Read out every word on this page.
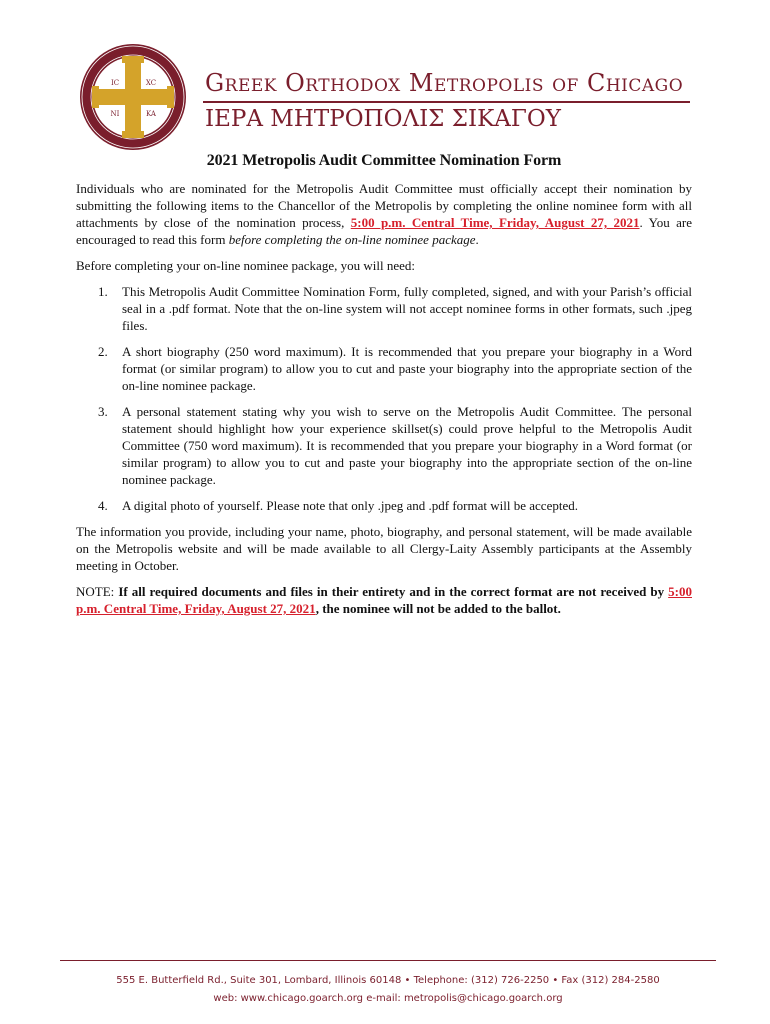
IC	XC
NI	KA
Greek Orthodox Metropolis of Chicago
ΙΕΡΑ ΜΗΤΡΟΠΟΛΙΣ ΣΙΚΑΓΟΥ
2021 Metropolis Audit Committee Nomination Form

Individuals who are nominated for the Metropolis Audit Committee must officially accept their nomination by submitting the following items to the Chancellor of the Metropolis by completing the online nominee form with all attachments by close of the nomination process, 5:00 p.m. Central Time, Friday, August 27, 2021. You are encouraged to read this form before completing the on-line nominee package.

Before completing your on-line nominee package, you will need:

1. This Metropolis Audit Committee Nomination Form, fully completed, signed, and with your Parish’s official seal in a .pdf format. Note that the on-line system will not accept nominee forms in other formats, such .jpeg files.
2. A short biography (250 word maximum). It is recommended that you prepare your biography in a Word format (or similar program) to allow you to cut and paste your biography into the appropriate section of the on-line nominee package.
3. A personal statement stating why you wish to serve on the Metropolis Audit Committee. The personal statement should highlight how your experience skillset(s) could prove helpful to the Metropolis Audit Committee (750 word maximum). It is recommended that you prepare your biography in a Word format (or similar program) to allow you to cut and paste your biography into the appropriate section of the on-line nominee package.
4. A digital photo of yourself. Please note that only .jpeg and .pdf format will be accepted.

The information you provide, including your name, photo, biography, and personal statement, will be made available on the Metropolis website and will be made available to all Clergy-Laity Assembly participants at the Assembly meeting in October.

NOTE: If all required documents and files in their entirety and in the correct format are not received by 5:00 p.m. Central Time, Friday, August 27, 2021, the nominee will not be added to the ballot.

555 E. Butterfield Rd., Suite 301, Lombard, Illinois 60148 • Telephone: (312) 726-2250 • Fax (312) 284-2580
web: www.chicago.goarch.org e-mail: metropolis@chicago.goarch.org
